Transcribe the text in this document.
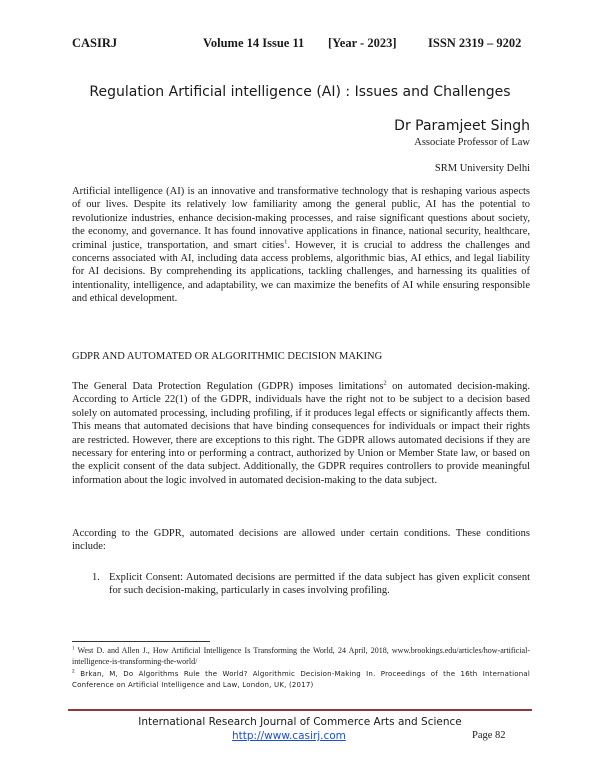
CASIRJ	Volume 14 Issue 11 [Year - 2023]	ISSN 2319 – 9202
Regulation Artificial intelligence (AI) : Issues and Challenges
Dr Paramjeet Singh
Associate Professor of Law
SRM University Delhi

Artificial intelligence (AI) is an innovative and transformative technology that is reshaping various aspects of our lives. Despite its relatively low familiarity among the general public, AI has the potential to revolutionize industries, enhance decision-making processes, and raise significant questions about society, the economy, and governance. It has found innovative applications in finance, national security, healthcare, criminal justice, transportation, and smart cities$^1$. However, it is crucial to address the challenges and concerns associated with AI, including data access problems, algorithmic bias, AI ethics, and legal liability for AI decisions. By comprehending its applications, tackling challenges, and harnessing its qualities of intentionality, intelligence, and adaptability, we can maximize the benefits of AI while ensuring responsible and ethical development.

GDPR AND AUTOMATED OR ALGORITHMIC DECISION MAKING

The General Data Protection Regulation (GDPR) imposes limitations$^2$ on automated decision-making. According to Article 22(1) of the GDPR, individuals have the right not to be subject to a decision based solely on automated processing, including profiling, if it produces legal effects or significantly affects them. This means that automated decisions that have binding consequences for individuals or impact their rights are restricted. However, there are exceptions to this right. The GDPR allows automated decisions if they are necessary for entering into or performing a contract, authorized by Union or Member State law, or based on the explicit consent of the data subject. Additionally, the GDPR requires controllers to provide meaningful information about the logic involved in automated decision-making to the data subject.

According to the GDPR, automated decisions are allowed under certain conditions. These conditions include:

1. Explicit Consent: Automated decisions are permitted if the data subject has given explicit consent for such decision-making, particularly in cases involving profiling.
$^1$ West D. and Allen J., How Artificial Intelligence Is Transforming the World, 24 April, 2018, www.brookings.edu/articles/how-artificial-intelligence-is-transforming-the-world/
$^2$ Brkan, M, Do Algorithms Rule the World? Algorithmic Decision-Making In. Proceedings of the 16th International Conference on Artificial Intelligence and Law, London, UK, (2017)
International Research Journal of Commerce Arts and Science
http://www.casirj.com	Page 82
